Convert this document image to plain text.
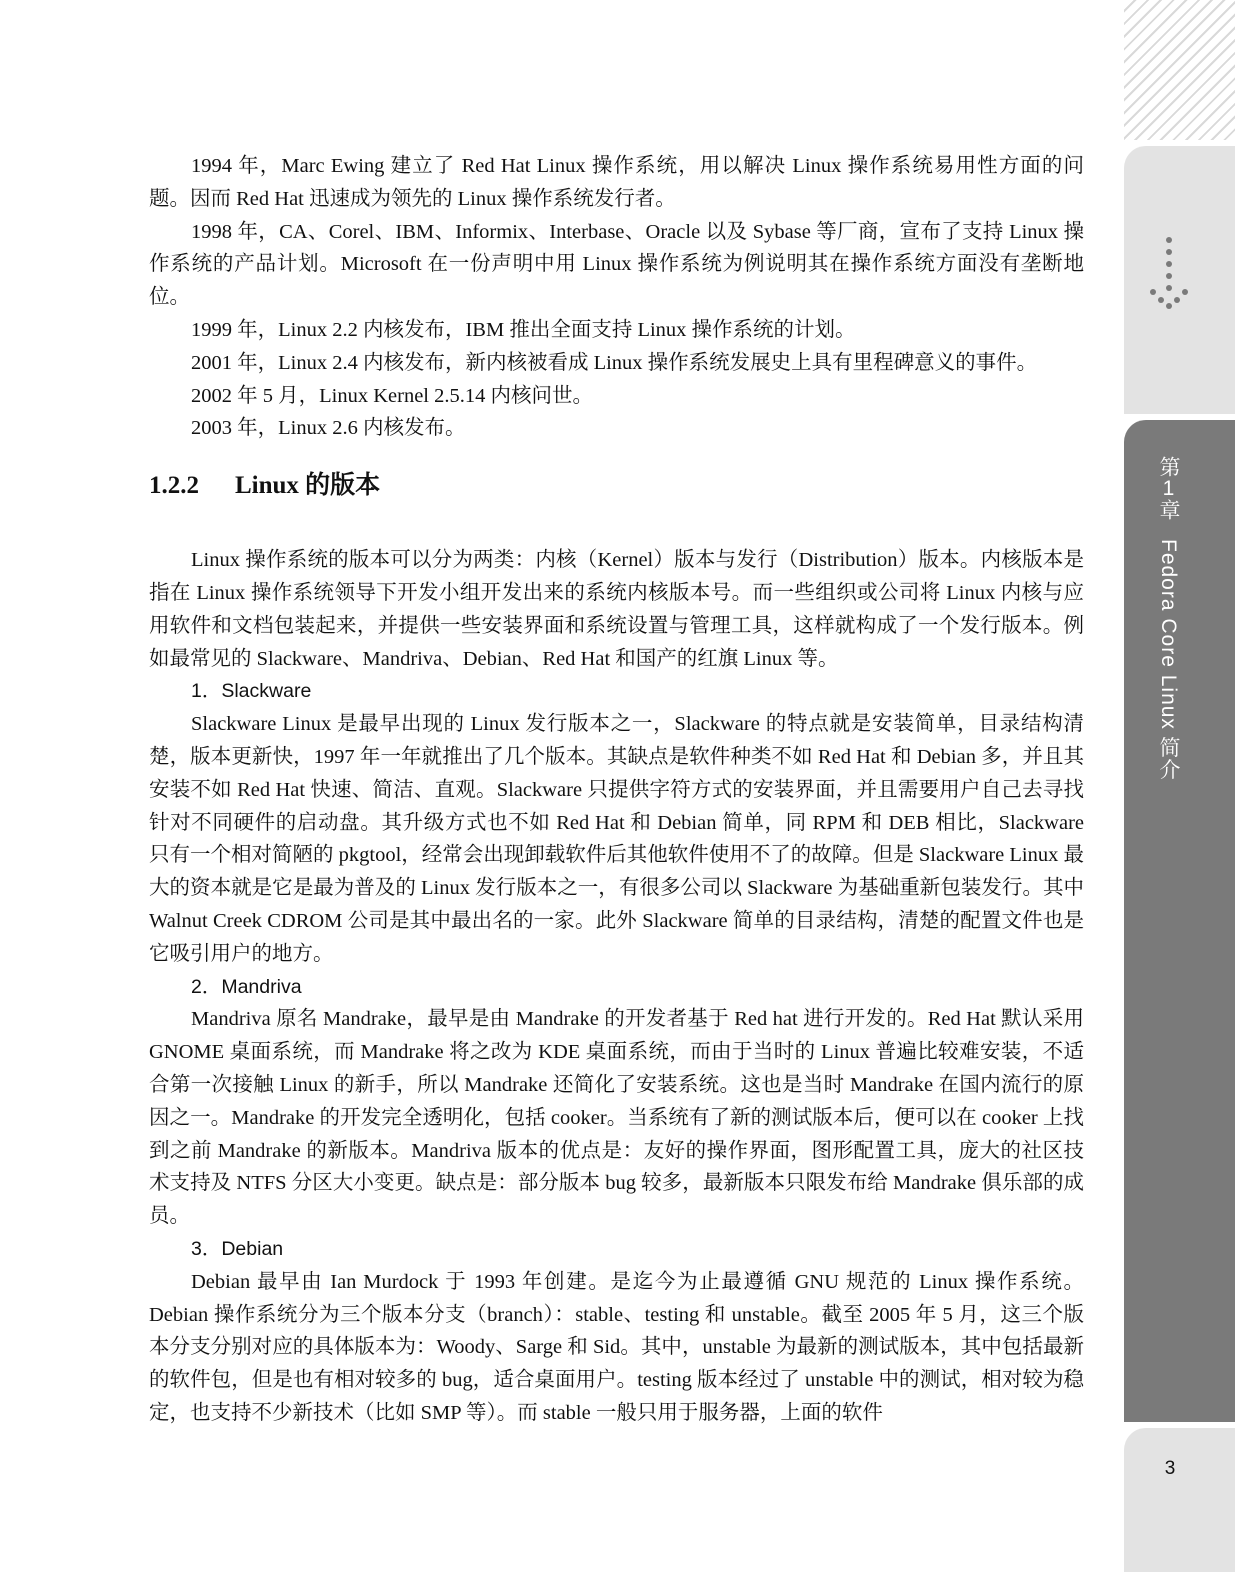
第1章Fedora Core Linux 简介
3

1994 年，Marc Ewing 建立了 Red Hat Linux 操作系统，用以解决 Linux 操作系统易用性方面的问题。因而 Red Hat 迅速成为领先的 Linux 操作系统发行者。

1998 年，CA、Corel、IBM、Informix、Interbase、Oracle 以及 Sybase 等厂商，宣布了支持 Linux 操作系统的产品计划。Microsoft 在一份声明中用 Linux 操作系统为例说明其在操作系统方面没有垄断地位。

1999 年，Linux 2.2 内核发布，IBM 推出全面支持 Linux 操作系统的计划。

2001 年，Linux 2.4 内核发布，新内核被看成 Linux 操作系统发展史上具有里程碑意义的事件。

2002 年 5 月，Linux Kernel 2.5.14 内核问世。

2003 年，Linux 2.6 内核发布。

1.2.2 Linux 的版本

Linux 操作系统的版本可以分为两类：内核（Kernel）版本与发行（Distribution）版本。内核版本是指在 Linux 操作系统领导下开发小组开发出来的系统内核版本号。而一些组织或公司将 Linux 内核与应用软件和文档包装起来，并提供一些安装界面和系统设置与管理工具，这样就构成了一个发行版本。例如最常见的 Slackware、Mandriva、Debian、Red Hat 和国产的红旗 Linux 等。

1．Slackware

Slackware Linux 是最早出现的 Linux 发行版本之一，Slackware 的特点就是安装简单，目录结构清楚，版本更新快，1997 年一年就推出了几个版本。其缺点是软件种类不如 Red Hat 和 Debian 多，并且其安装不如 Red Hat 快速、简洁、直观。Slackware 只提供字符方式的安装界面，并且需要用户自己去寻找针对不同硬件的启动盘。其升级方式也不如 Red Hat 和 Debian 简单，同 RPM 和 DEB 相比，Slackware 只有一个相对简陋的 pkgtool，经常会出现卸载软件后其他软件使用不了的故障。但是 Slackware Linux 最大的资本就是它是最为普及的 Linux 发行版本之一，有很多公司以 Slackware 为基础重新包装发行。其中 Walnut Creek CDROM 公司是其中最出名的一家。此外 Slackware 简单的目录结构，清楚的配置文件也是它吸引用户的地方。

2．Mandriva

Mandriva 原名 Mandrake，最早是由 Mandrake 的开发者基于 Red hat 进行开发的。Red Hat 默认采用 GNOME 桌面系统，而 Mandrake 将之改为 KDE 桌面系统，而由于当时的 Linux 普遍比较难安装，不适合第一次接触 Linux 的新手，所以 Mandrake 还简化了安装系统。这也是当时 Mandrake 在国内流行的原因之一。Mandrake 的开发完全透明化，包括 cooker。当系统有了新的测试版本后，便可以在 cooker 上找到之前 Mandrake 的新版本。Mandriva 版本的优点是：友好的操作界面，图形配置工具，庞大的社区技术支持及 NTFS 分区大小变更。缺点是：部分版本 bug 较多，最新版本只限发布给 Mandrake 俱乐部的成员。

3．Debian

Debian 最早由 Ian Murdock 于 1993 年创建。是迄今为止最遵循 GNU 规范的 Linux 操作系统。Debian 操作系统分为三个版本分支（branch）：stable、testing 和 unstable。截至 2005 年 5 月，这三个版本分支分别对应的具体版本为：Woody、Sarge 和 Sid。其中，unstable 为最新的测试版本，其中包括最新的软件包，但是也有相对较多的 bug，适合桌面用户。testing 版本经过了 unstable 中的测试，相对较为稳定，也支持不少新技术（比如 SMP 等）。而 stable 一般只用于服务器，上面的软件
